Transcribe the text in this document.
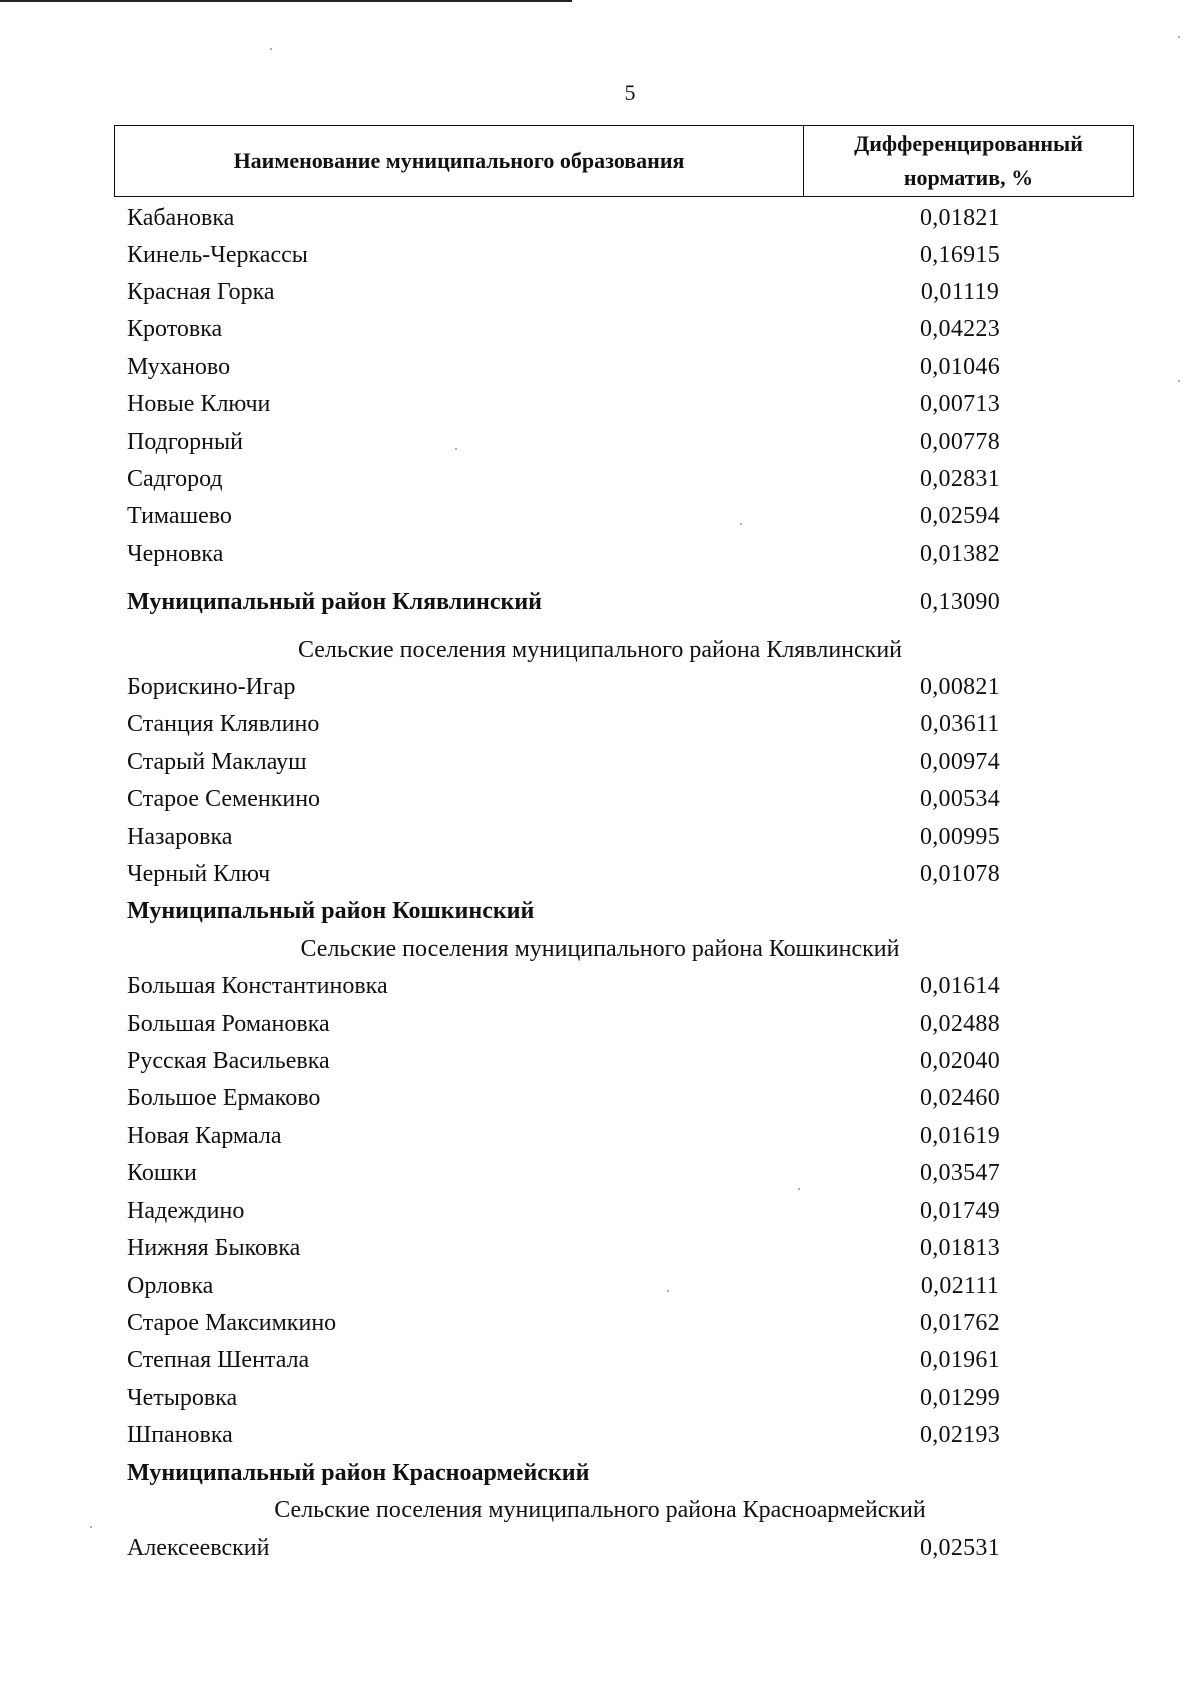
5
Наименование муниципального образования
Дифференцированный
норматив, %
Кабановка	0,01821
Кинель-Черкассы	0,16915
Красная Горка	0,01119
Кротовка	0,04223
Муханово	0,01046
Новые Ключи	0,00713
Подгорный	0,00778
Садгород	0,02831
Тимашево	0,02594
Черновка	0,01382
Муниципальный район Клявлинский	0,13090
Сельские поселения муниципального района Клявлинский
Борискино-Игар	0,00821
Станция Клявлино	0,03611
Старый Маклауш	0,00974
Старое Семенкино	0,00534
Назаровка	0,00995
Черный Ключ	0,01078
Муниципальный район Кошкинский
Сельские поселения муниципального района Кошкинский
Большая Константиновка	0,01614
Большая Романовка	0,02488
Русская Васильевка	0,02040
Большое Ермаково	0,02460
Новая Кармала	0,01619
Кошки	0,03547
Надеждино	0,01749
Нижняя Быковка	0,01813
Орловка	0,02111
Старое Максимкино	0,01762
Степная Шентала	0,01961
Четыровка	0,01299
Шпановка	0,02193
Муниципальный район Красноармейский
Сельские поселения муниципального района Красноармейский
Алексеевский	0,02531
